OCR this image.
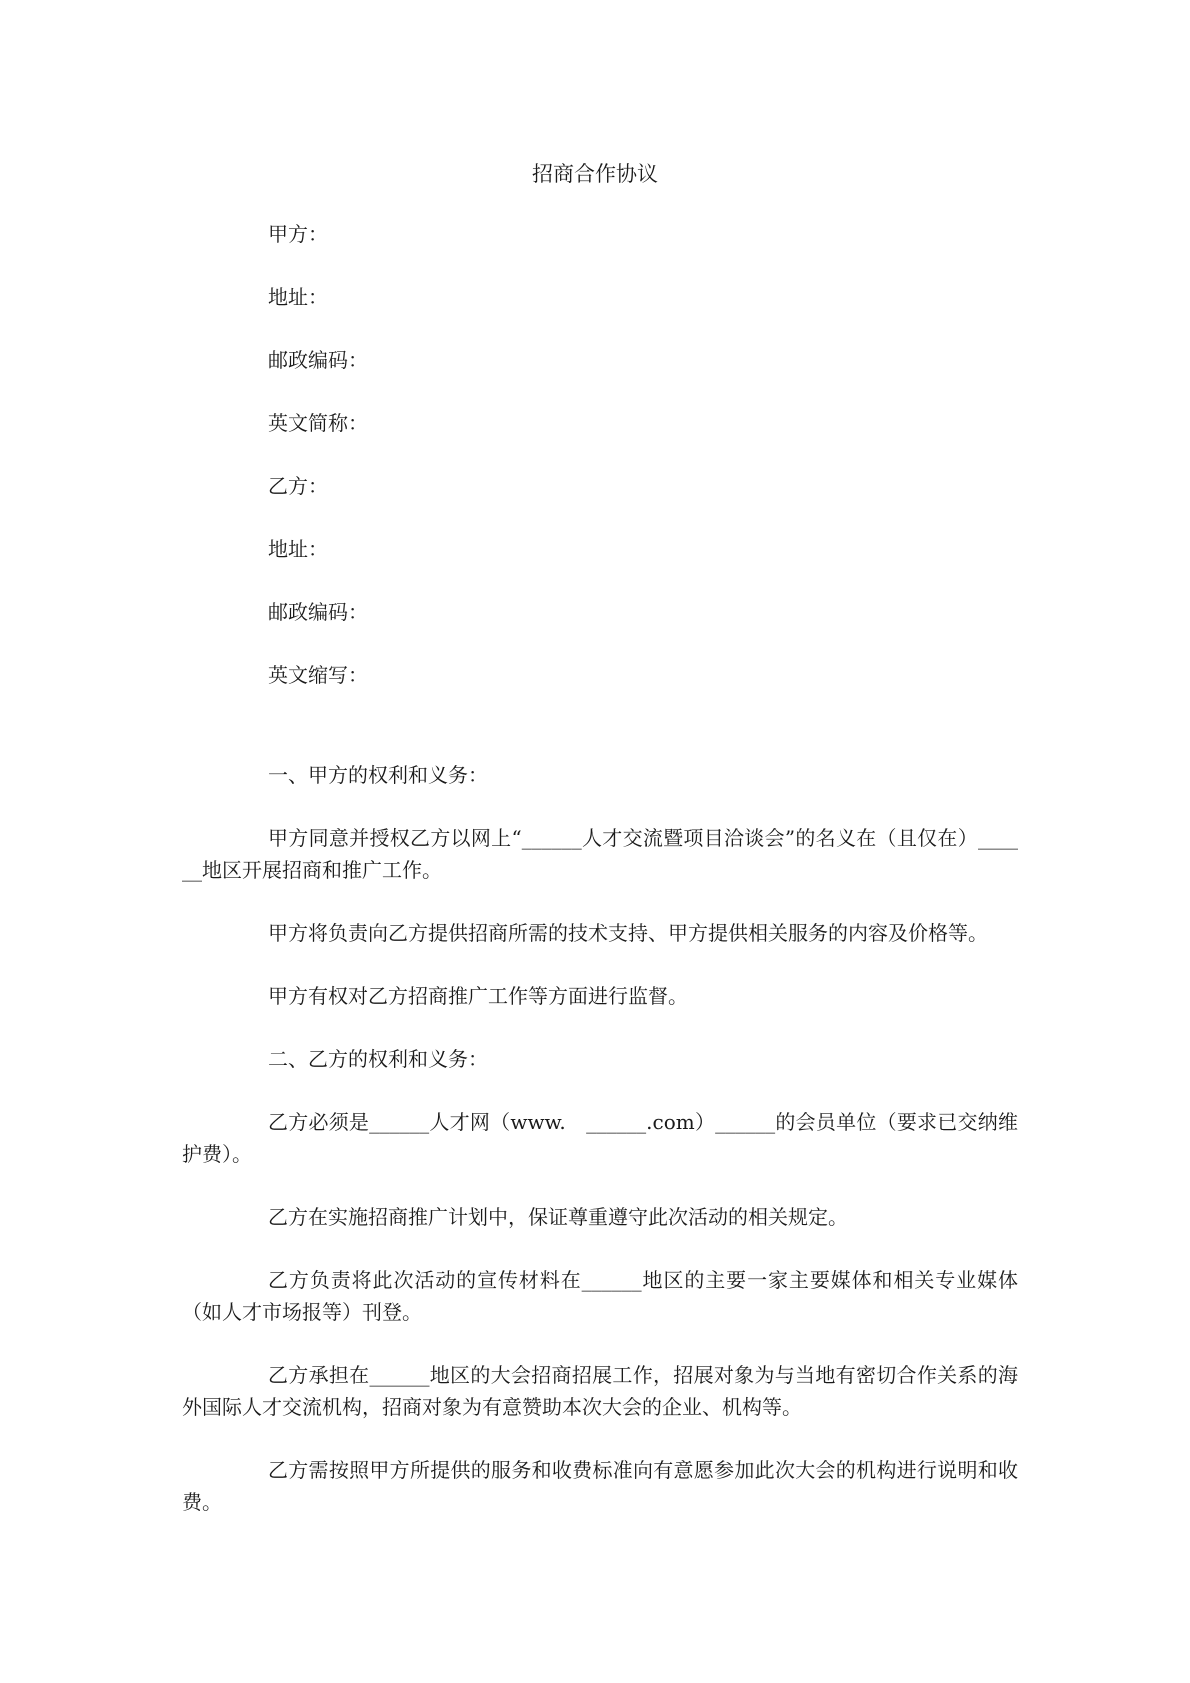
招商合作协议
甲方：
地址：
邮政编码：
英文简称：
乙方：
地址：
邮政编码：
英文缩写：

一、甲方的权利和义务：

甲方同意并授权乙方以网上“______人才交流暨项目洽谈会”的名义在（且仅在）______地区开展招商和推广工作。

甲方将负责向乙方提供招商所需的技术支持、甲方提供相关服务的内容及价格等。

甲方有权对乙方招商推广工作等方面进行监督。

二、乙方的权利和义务：

乙方必须是______人才网（www.　______.com）______的会员单位（要求已交纳维护费）。

乙方在实施招商推广计划中，保证尊重遵守此次活动的相关规定。

乙方负责将此次活动的宣传材料在______地区的主要一家主要媒体和相关专业媒体（如人才市场报等）刊登。

乙方承担在______地区的大会招商招展工作，招展对象为与当地有密切合作关系的海外国际人才交流机构，招商对象为有意赞助本次大会的企业、机构等。

乙方需按照甲方所提供的服务和收费标准向有意愿参加此次大会的机构进行说明和收费。
